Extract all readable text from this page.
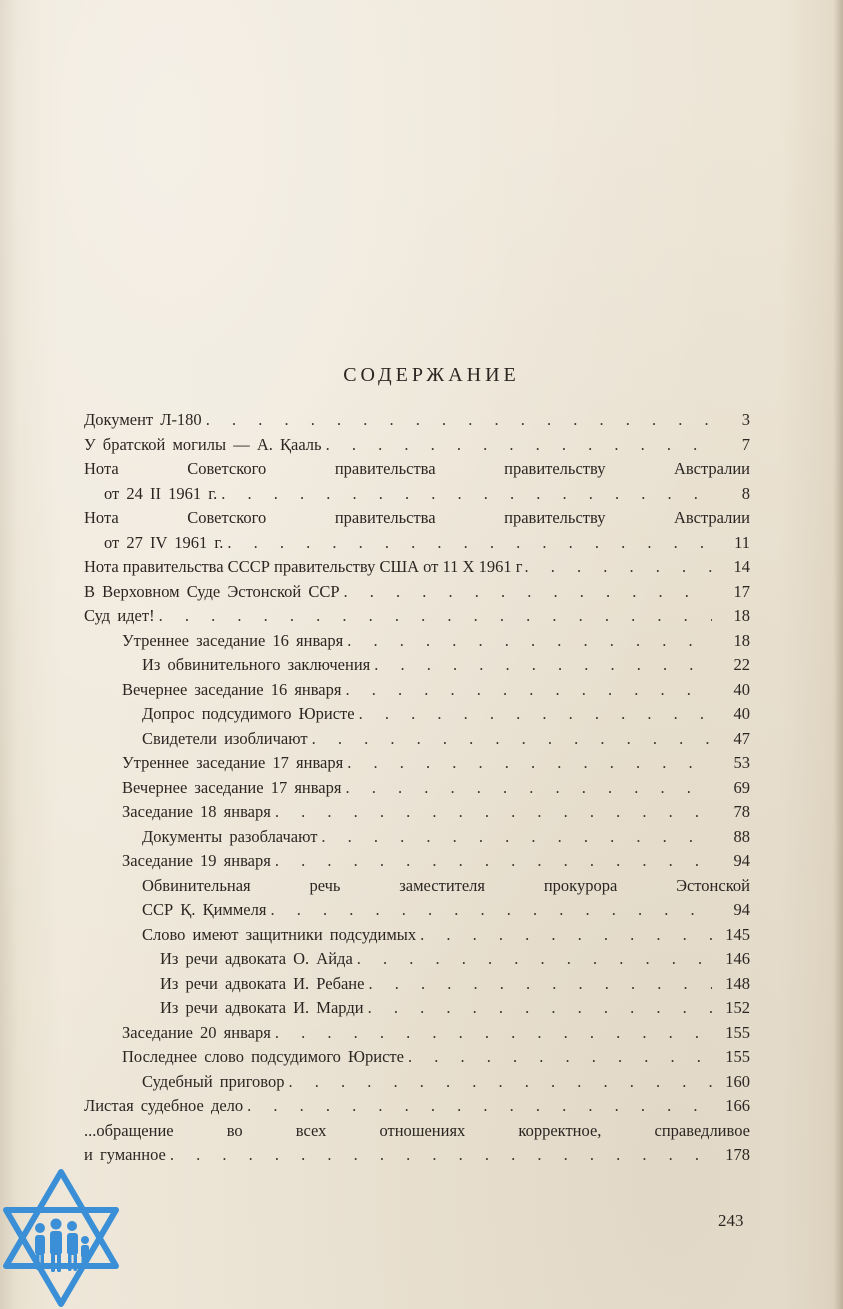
СОДЕРЖАНИЕ
Документ Л-180 . . .	3
У братской могилы — А. Қааль . . .	7
Нота	Советского	правительства	правительству	Австралии
от 24 II 1961 г. . . .	8
Нота	Советского	правительства	правительству	Австралии
от 27 IV 1961 г. . . .	11
Нота правительства СССР правительству США от 11 X 1961 г . . .	14
В Верховном Суде Эстонской ССР . . .	17
Суд идет! . . .	18
Утреннее заседание 16 января . . .	18
Из обвинительного заключения . . .	22
Вечернее заседание 16 января . . .	40
Допрос подсудимого Юристе . . .	40
Свидетели изобличают . . .	47
Утреннее заседание 17 января . . .	53
Вечернее заседание 17 января . . .	69
Заседание 18 января . . .	78
Документы разоблачают . . .	88
Заседание 19 января . . .	94
Обвинительная	речь	заместителя	прокурора	Эстонской
ССР Қ. Қиммеля . . .	94
Слово имеют защитники подсудимых . . .	145
Из речи адвоката О. Айда . . .	146
Из речи адвоката И. Ребане . . .	148
Из речи адвоката И. Марди . . .	152
Заседание 20 января . . .	155
Последнее слово подсудимого Юристе . . .	155
Судебный приговор . . .	160
Листая судебное дело . . .	166
...обращение	во	всех	отношениях	корректное,	справедливое
и гуманное . . .	178
243
